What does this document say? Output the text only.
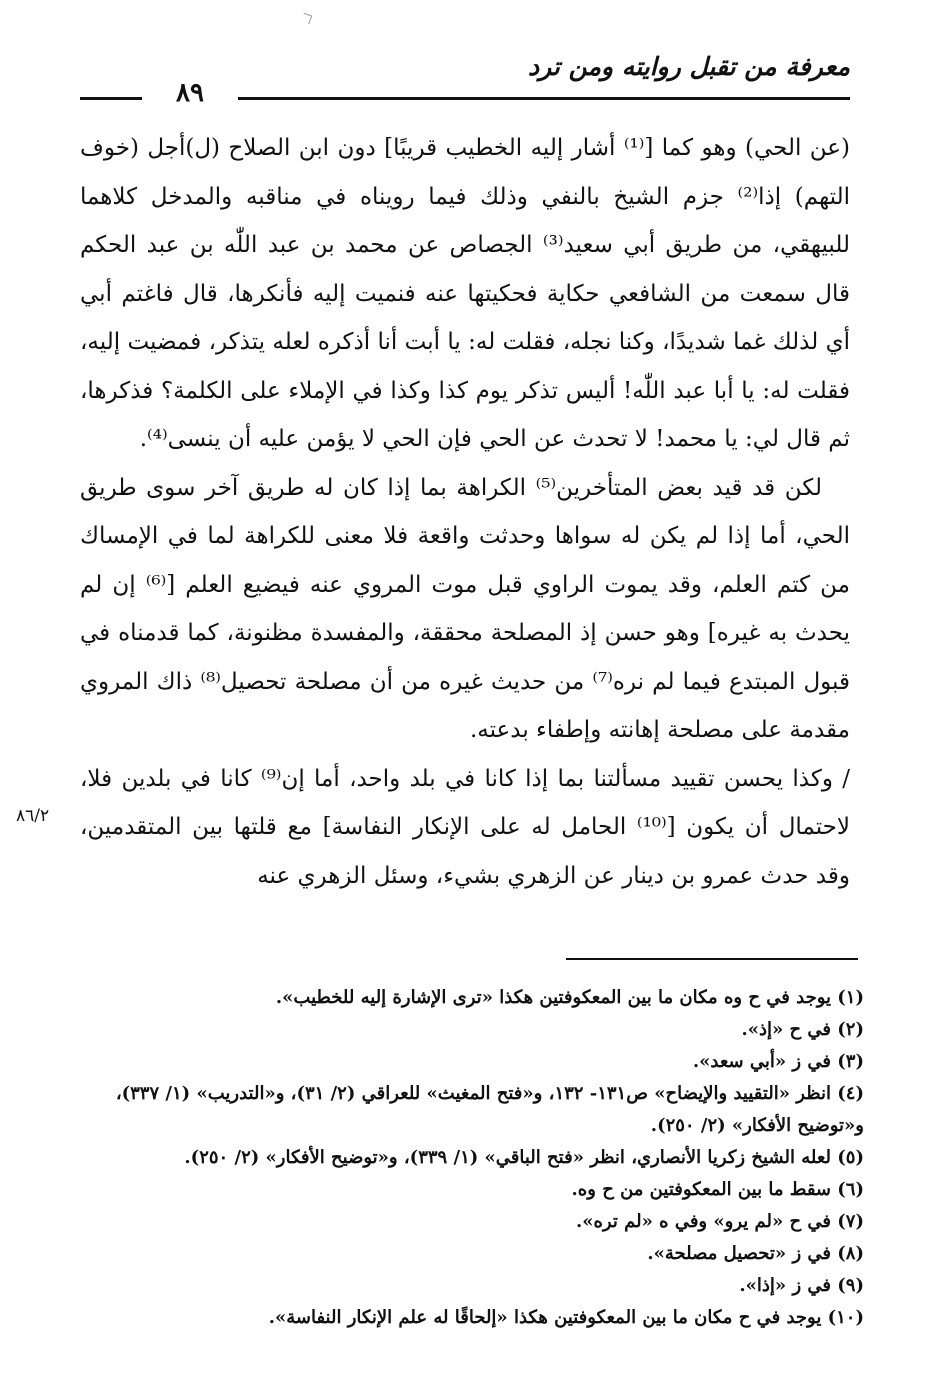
معرفة من تقبل روايته ومن ترد
٨٩

(عن الحي) وهو كما [⁽¹⁾ أشار إليه الخطيب قريبًا] دون ابن الصلاح (ل)أجل (خوف التهم) إذا⁽²⁾ جزم الشيخ بالنفي وذلك فيما رويناه في مناقبه والمدخل كلاهما للبيهقي، من طريق أبي سعيد⁽³⁾ الجصاص عن محمد بن عبد اللّٰه بن عبد الحكم قال سمعت من الشافعي حكاية فحكيتها عنه فنميت إليه فأنكرها، قال فاغتم أبي أي لذلك غما شديدًا، وكنا نجله، فقلت له: يا أبت أنا أذكره لعله يتذكر، فمضيت إليه، فقلت له: يا أبا عبد اللّٰه! أليس تذكر يوم كذا وكذا في الإملاء على الكلمة؟ فذكرها، ثم قال لي: يا محمد! لا تحدث عن الحي فإن الحي لا يؤمن عليه أن ينسى⁽⁴⁾.

لكن قد قيد بعض المتأخرين⁽⁵⁾ الكراهة بما إذا كان له طريق آخر سوى طريق الحي، أما إذا لم يكن له سواها وحدثت واقعة فلا معنى للكراهة لما في الإمساك من كتم العلم، وقد يموت الراوي قبل موت المروي عنه فيضيع العلم [⁽⁶⁾ إن لم يحدث به غيره] وهو حسن إذ المصلحة محققة، والمفسدة مظنونة، كما قدمناه في قبول المبتدع فيما لم نره⁽⁷⁾ من حديث غيره من أن مصلحة تحصيل⁽⁸⁾ ذاك المروي مقدمة على مصلحة إهانته وإطفاء بدعته.

/ وكذا يحسن تقييد مسألتنا بما إذا كانا في بلد واحد، أما إن⁽⁹⁾ كانا في بلدين فلا، لاحتمال أن يكون [⁽¹⁰⁾ الحامل له على الإنكار النفاسة] مع قلتها بين المتقدمين، وقد حدث عمرو بن دينار عن الزهري بشيء، وسئل الزهري عنه

٨٦/٢

(١) يوجد في ح وه مكان ما بين المعكوفتين هكذا «ترى الإشارة إليه للخطيب».

(٢) في ح «إذ».

(٣) في ز «أبي سعد».

(٤) انظر «التقييد والإيضاح» ص١٣١- ١٣٢، و«فتح المغيث» للعراقي (٢/ ٣١)، و«التدريب» (١/ ٣٣٧)، و«توضيح الأفكار» (٢/ ٢٥٠).

(٥) لعله الشيخ زكريا الأنصاري، انظر «فتح الباقي» (١/ ٣٣٩)، و«توضيح الأفكار» (٢/ ٢٥٠).

(٦) سقط ما بين المعكوفتين من ح وه.

(٧) في ح «لم يرو» وفي ه «لم تره».

(٨) في ز «تحصيل مصلحة».

(٩) في ز «إذا».

(١٠) يوجد في ح مكان ما بين المعكوفتين هكذا «إلحاقًا له علم الإنكار النفاسة».
